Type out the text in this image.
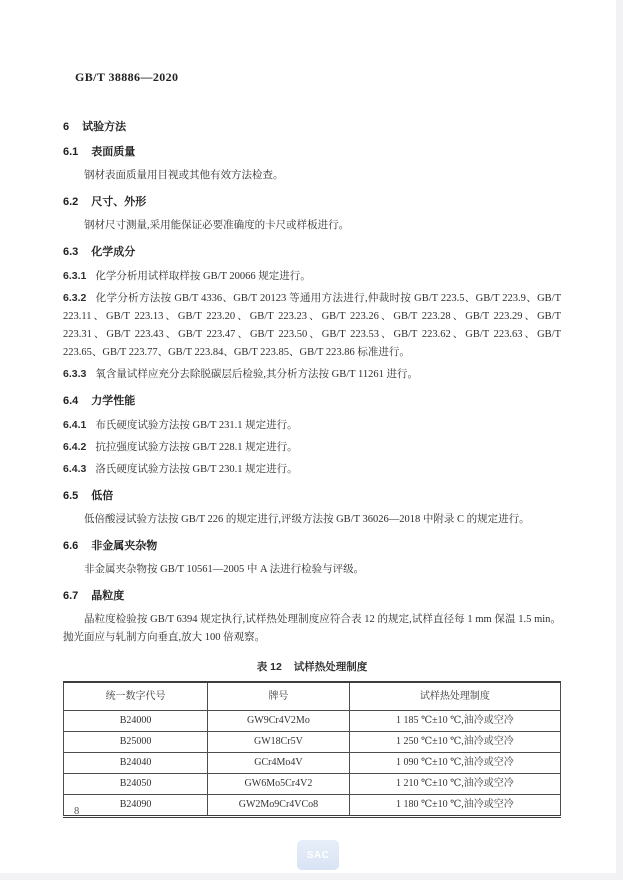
GB/T 38886—2020
6 试验方法
6.1 表面质量

钢材表面质量用目视或其他有效方法检查。

6.2 尺寸、外形

钢材尺寸测量,采用能保证必要准确度的卡尺或样板进行。

6.3 化学成分

6.3.1 化学分析用试样取样按 GB/T 20066 规定进行。

6.3.2 化学分析方法按 GB/T 4336、GB/T 20123 等通用方法进行,仲裁时按 GB/T 223.5、GB/T 223.9、GB/T 223.11、GB/T 223.13、GB/T 223.20、GB/T 223.23、GB/T 223.26、GB/T 223.28、GB/T 223.29、GB/T 223.31、GB/T 223.43、GB/T 223.47、GB/T 223.50、GB/T 223.53、GB/T 223.62、GB/T 223.63、GB/T 223.65、GB/T 223.77、GB/T 223.84、GB/T 223.85、GB/T 223.86 标准进行。

6.3.3 氧含量试样应充分去除脱碳层后检验,其分析方法按 GB/T 11261 进行。

6.4 力学性能

6.4.1 布氏硬度试验方法按 GB/T 231.1 规定进行。

6.4.2 抗拉强度试验方法按 GB/T 228.1 规定进行。

6.4.3 洛氏硬度试验方法按 GB/T 230.1 规定进行。

6.5 低倍

低倍酸浸试验方法按 GB/T 226 的规定进行,评级方法按 GB/T 36026—2018 中附录 C 的规定进行。

6.6 非金属夹杂物

非金属夹杂物按 GB/T 10561—2005 中 A 法进行检验与评级。

6.7 晶粒度

晶粒度检验按 GB/T 6394 规定执行,试样热处理制度应符合表 12 的规定,试样直径每 1 mm 保温 1.5 min。抛光面应与轧制方向垂直,放大 100 倍观察。

表 12 试样热处理制度
统一数字代号	牌号	试样热处理制度
B24000	GW9Cr4V2Mo	1 185 ℃±10 ℃,油冷或空冷
B25000	GW18Cr5V	1 250 ℃±10 ℃,油冷或空冷
B24040	GCr4Mo4V	1 090 ℃±10 ℃,油冷或空冷
B24050	GW6Mo5Cr4V2	1 210 ℃±10 ℃,油冷或空冷
B24090	GW2Mo9Cr4VCo8	1 180 ℃±10 ℃,油冷或空冷
8
SAC
